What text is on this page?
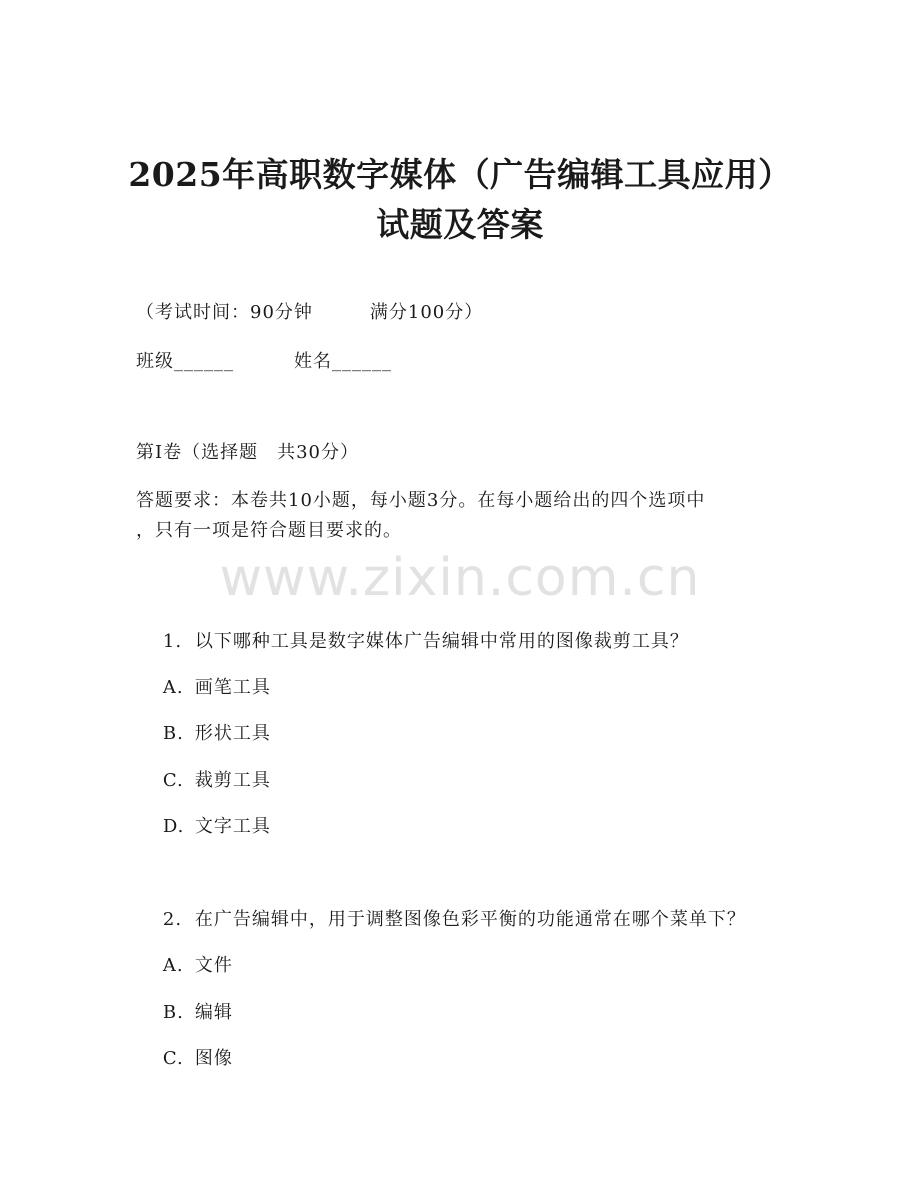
2025年高职数字媒体（广告编辑工具应用）
试题及答案
（考试时间：90分钟　　　满分100分）
班级______	姓名______
第Ⅰ卷（选择题　共30分）
答题要求：本卷共10小题，每小题3分。在每小题给出的四个选项中
，只有一项是符合题目要求的。
www.zixin.com.cn

1. 以下哪种工具是数字媒体广告编辑中常用的图像裁剪工具？

A. 画笔工具

B. 形状工具

C. 裁剪工具

D. 文字工具

2. 在广告编辑中，用于调整图像色彩平衡的功能通常在哪个菜单下？

A. 文件

B. 编辑

C. 图像
